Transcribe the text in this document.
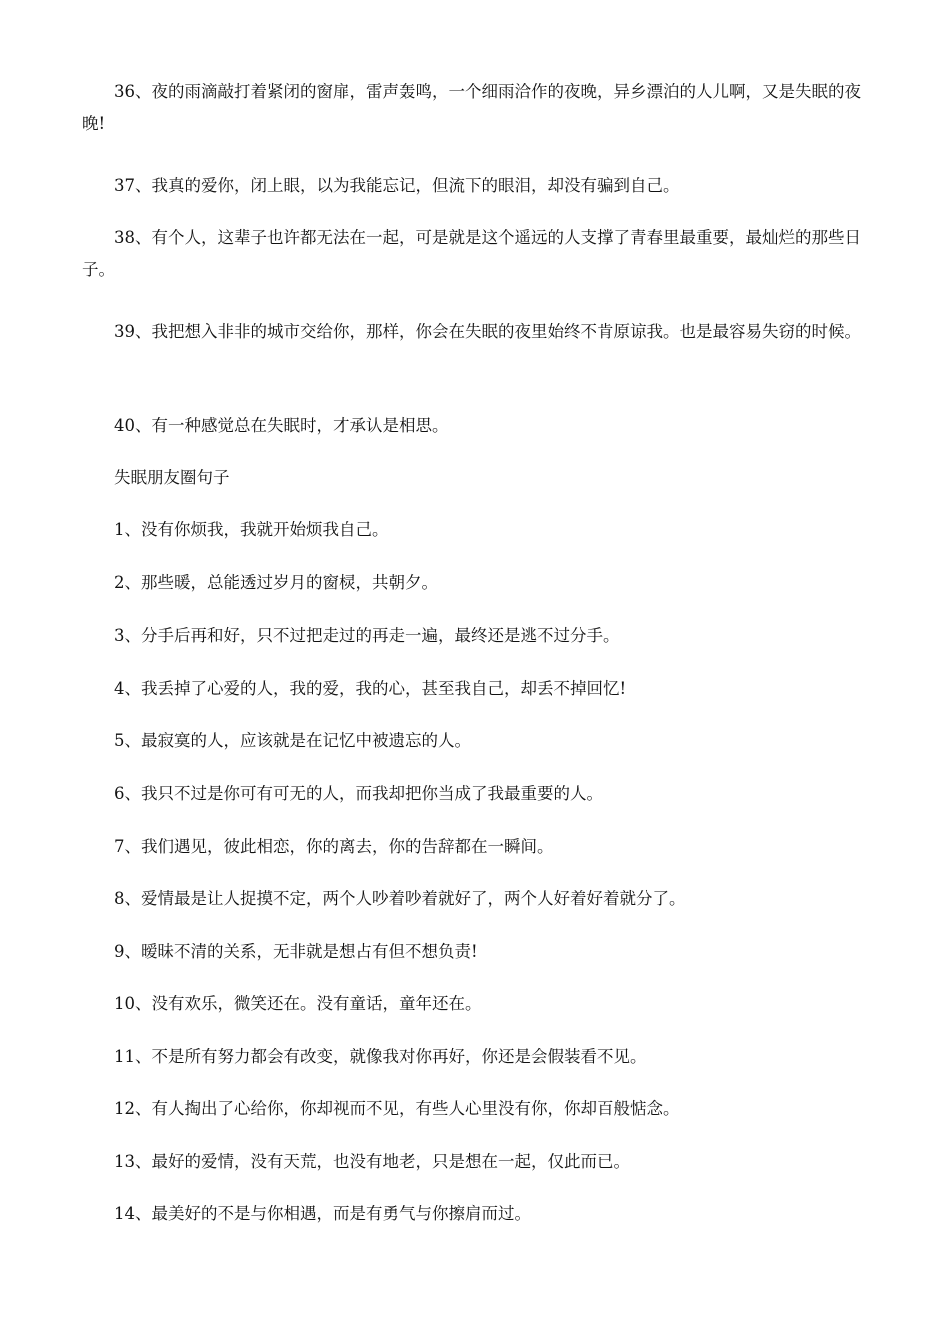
36、夜的雨滴敲打着紧闭的窗扉，雷声轰鸣，一个细雨洽作的夜晚，异乡漂泊的人儿啊，又是失眠的夜晚!

37、我真的爱你，闭上眼，以为我能忘记，但流下的眼泪，却没有骗到自己。

38、有个人，这辈子也许都无法在一起，可是就是这个遥远的人支撑了青春里最重要，最灿烂的那些日子。

39、我把想入非非的城市交给你，那样，你会在失眠的夜里始终不肯原谅我。也是最容易失窃的时候。

40、有一种感觉总在失眠时，才承认是相思。

失眠朋友圈句子

1、没有你烦我，我就开始烦我自己。

2、那些暖，总能透过岁月的窗棂，共朝夕。

3、分手后再和好，只不过把走过的再走一遍，最终还是逃不过分手。

4、我丢掉了心爱的人，我的爱，我的心，甚至我自己，却丢不掉回忆!

5、最寂寞的人，应该就是在记忆中被遗忘的人。

6、我只不过是你可有可无的人，而我却把你当成了我最重要的人。

7、我们遇见，彼此相恋，你的离去，你的告辞都在一瞬间。

8、爱情最是让人捉摸不定，两个人吵着吵着就好了，两个人好着好着就分了。

9、暧昧不清的关系，无非就是想占有但不想负责!

10、没有欢乐，微笑还在。没有童话，童年还在。

11、不是所有努力都会有改变，就像我对你再好，你还是会假装看不见。

12、有人掏出了心给你，你却视而不见，有些人心里没有你，你却百般惦念。

13、最好的爱情，没有天荒，也没有地老，只是想在一起，仅此而已。

14、最美好的不是与你相遇，而是有勇气与你擦肩而过。
